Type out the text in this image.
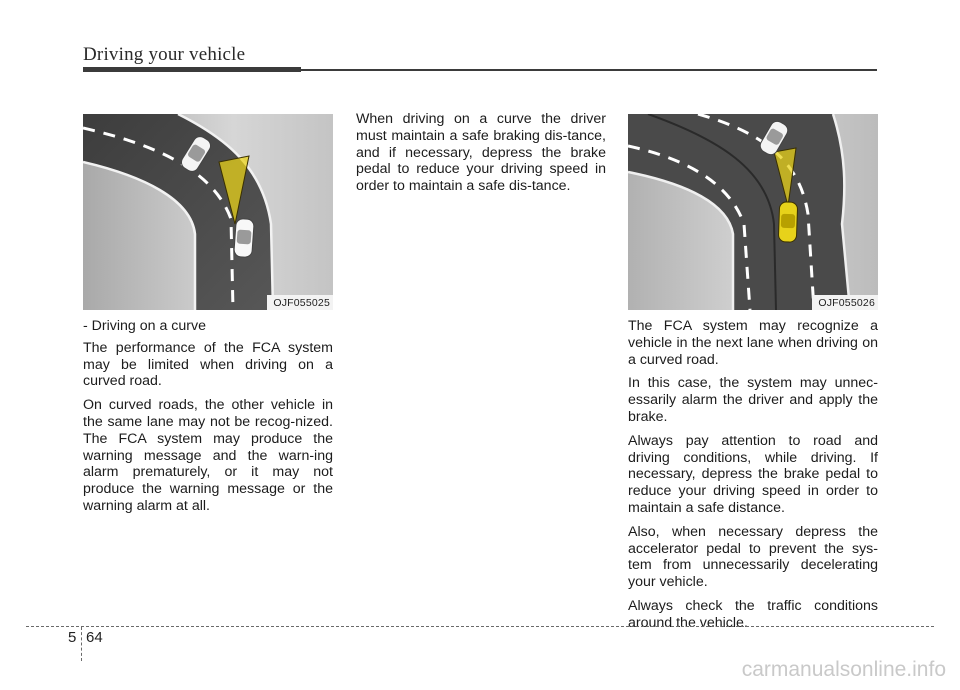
Driving your vehicle
OJF055025	OJF055026

- Driving on a curve

The performance of the FCA system may be limited when driving on a curved road.

On curved roads, the other vehicle in the same lane may not be recog-nized. The FCA system may produce the warning message and the warn-ing alarm prematurely, or it may not produce the warning message or the warning alarm at all.

When driving on a curve the driver must maintain a safe braking dis-tance, and if necessary, depress the brake pedal to reduce your driving speed in order to maintain a safe dis-tance.

The FCA system may recognize a vehicle in the next lane when driving on a curved road.

In this case, the system may unnec-essarily alarm the driver and apply the brake.

Always pay attention to road and driving conditions, while driving. If necessary, depress the brake pedal to reduce your driving speed in order to maintain a safe distance.

Also, when necessary depress the accelerator pedal to prevent the sys-tem from unnecessarily decelerating your vehicle.

Always check the traffic conditions around the vehicle.

5 64
carmanualsonline.info
